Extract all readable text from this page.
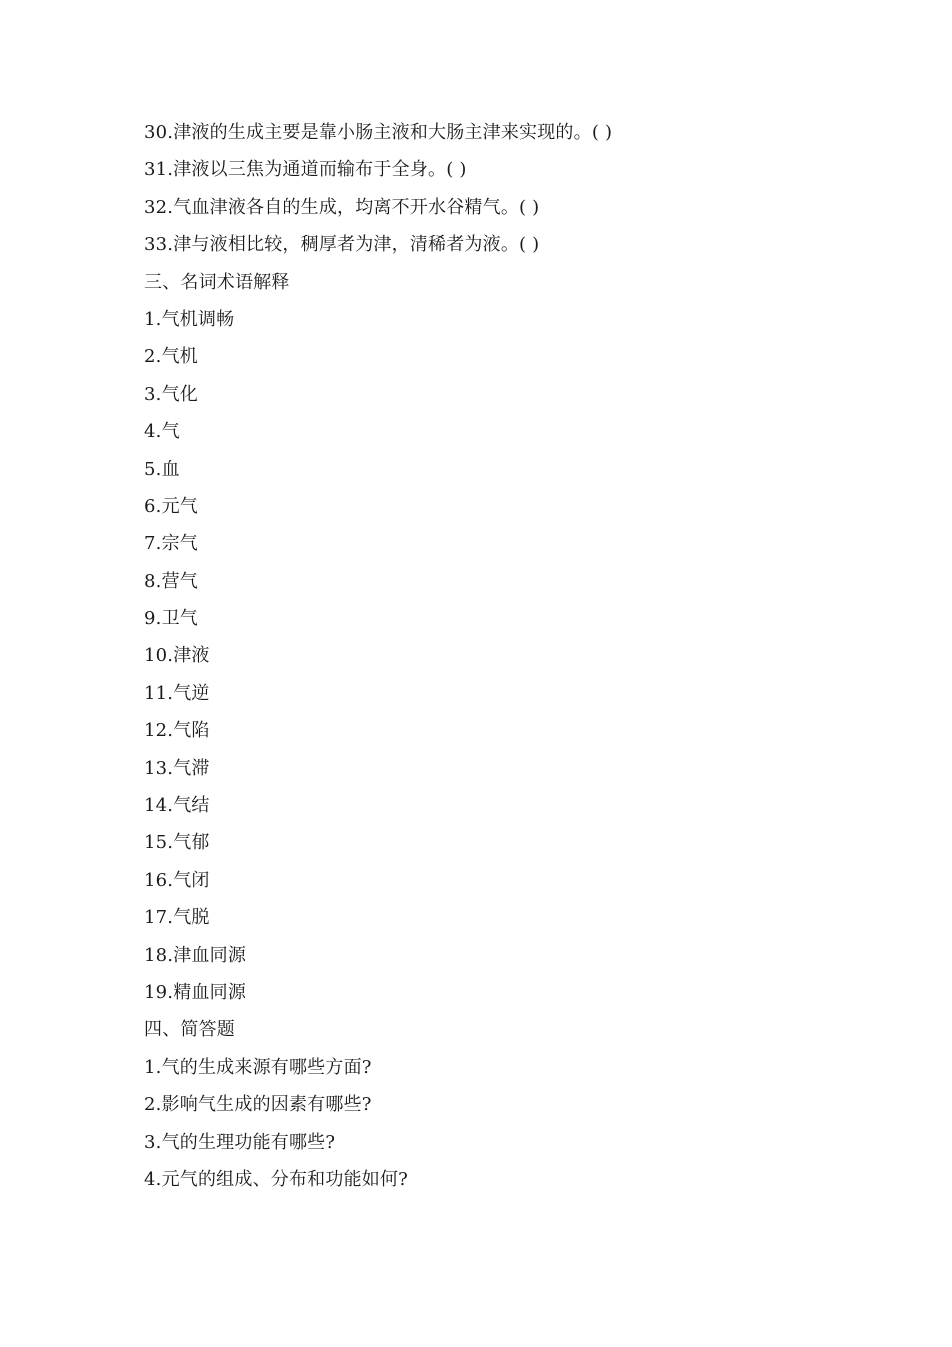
30.津液的生成主要是靠小肠主液和大肠主津来实现的。( )
31.津液以三焦为通道而输布于全身。( )
32.气血津液各自的生成，均离不开水谷精气。( )
33.津与液相比较，稠厚者为津，清稀者为液。( )
三、名词术语解释
1.气机调畅
2.气机
3.气化
4.气
5.血
6.元气
7.宗气
8.营气
9.卫气
10.津液
11.气逆
12.气陷
13.气滞
14.气结
15.气郁
16.气闭
17.气脱
18.津血同源
19.精血同源
四、简答题
1.气的生成来源有哪些方面?
2.影响气生成的因素有哪些?
3.气的生理功能有哪些?
4.元气的组成、分布和功能如何?
